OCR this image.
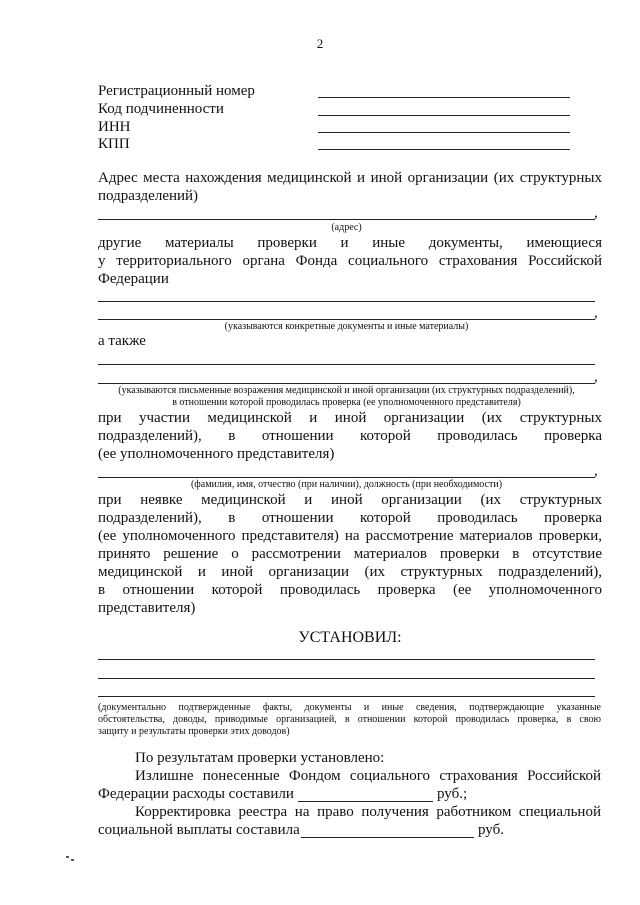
2
Регистрационный номер
Код подчиненности
ИНН
КПП
Адрес места нахождения медицинской и иной организации (их структурных
подразделений)
,
(адрес)
другие материалы проверки и иные документы, имеющиеся
у территориального органа Фонда социального страхования Российской
Федерации
,
(указываются конкретные документы и иные материалы)
а также
,
(указываются письменные возражения медицинской и иной организации (их структурных подразделений),
в отношении которой проводилась проверка (ее уполномоченного представителя)
при участии медицинской и иной организации (их структурных
подразделений), в отношении которой проводилась проверка
(ее уполномоченного представителя)
,
(фамилия, имя, отчество (при наличии), должность (при необходимости)
при неявке медицинской и иной организации (их структурных
подразделений), в отношении которой проводилась проверка
(ее уполномоченного представителя) на рассмотрение материалов проверки,
принято решение о рассмотрении материалов проверки в отсутствие
медицинской и иной организации (их структурных подразделений),
в отношении которой проводилась проверка (ее уполномоченного
представителя)
УСТАНОВИЛ:
(документально подтвержденные факты, документы и иные сведения, подтверждающие указанные
обстоятельства, доводы, приводимые организацией, в отношении которой проводилась проверка, в свою
защиту и результаты проверки этих доводов)
По результатам проверки установлено:
Излишне понесенные Фондом социального страхования Российской
Федерации расходы составили	руб.;
Корректировка реестра на право получения работником специальной
социальной выплаты составила	руб.
